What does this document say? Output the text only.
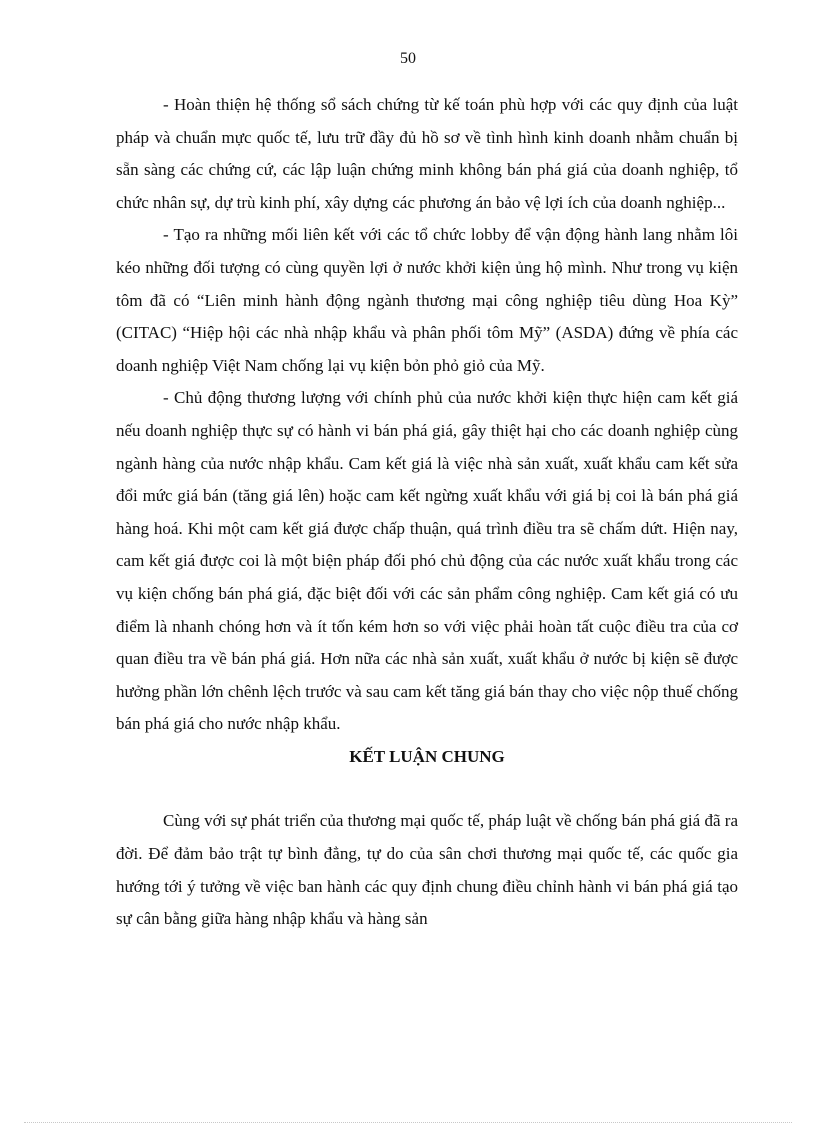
50

- Hoàn thiện hệ thống sổ sách chứng từ kế toán phù hợp với các quy định của luật pháp và chuẩn mực quốc tế, lưu trữ đầy đủ hồ sơ về tình hình kinh doanh nhằm chuẩn bị sẵn sàng các chứng cứ, các lập luận chứng minh không bán phá giá của doanh nghiệp, tổ chức nhân sự, dự trù kinh phí, xây dựng các phương án bảo vệ lợi ích của doanh nghiệp...

- Tạo ra những mối liên kết với các tổ chức lobby để vận động hành lang nhằm lôi kéo những đối tượng có cùng quyền lợi ở nước khởi kiện ủng hộ mình. Như trong vụ kiện tôm đã có “Liên minh hành động ngành thương mại công nghiệp tiêu dùng Hoa Kỳ” (CITAC) “Hiệp hội các nhà nhập khẩu và phân phối tôm Mỹ” (ASDA) đứng về phía các doanh nghiệp Việt Nam chống lại vụ kiện bỏn phỏ giỏ của Mỹ.

- Chủ động thương lượng với chính phủ của nước khởi kiện thực hiện cam kết giá nếu doanh nghiệp thực sự có hành vi bán phá giá, gây thiệt hại cho các doanh nghiệp cùng ngành hàng của nước nhập khẩu. Cam kết giá là việc nhà sản xuất, xuất khẩu cam kết sửa đổi mức giá bán (tăng giá lên) hoặc cam kết ngừng xuất khẩu với giá bị coi là bán phá giá hàng hoá. Khi một cam kết giá được chấp thuận, quá trình điều tra sẽ chấm dứt. Hiện nay, cam kết giá được coi là một biện pháp đối phó chủ động của các nước xuất khẩu trong các vụ kiện chống bán phá giá, đặc biệt đối với các sản phẩm công nghiệp. Cam kết giá có ưu điểm là nhanh chóng hơn và ít tốn kém hơn so với việc phải hoàn tất cuộc điều tra của cơ quan điều tra về bán phá giá. Hơn nữa các nhà sản xuất, xuất khẩu ở nước bị kiện sẽ được hưởng phần lớn chênh lệch trước và sau cam kết tăng giá bán thay cho việc nộp thuế chống bán phá giá cho nước nhập khẩu.

KẾT LUẬN CHUNG

Cùng với sự phát triển của thương mại quốc tế, pháp luật về chống bán phá giá đã ra đời. Để đảm bảo trật tự bình đẳng, tự do của sân chơi thương mại quốc tế, các quốc gia hướng tới ý tưởng về việc ban hành các quy định chung điều chỉnh hành vi bán phá giá tạo sự cân bằng giữa hàng nhập khẩu và hàng sản
